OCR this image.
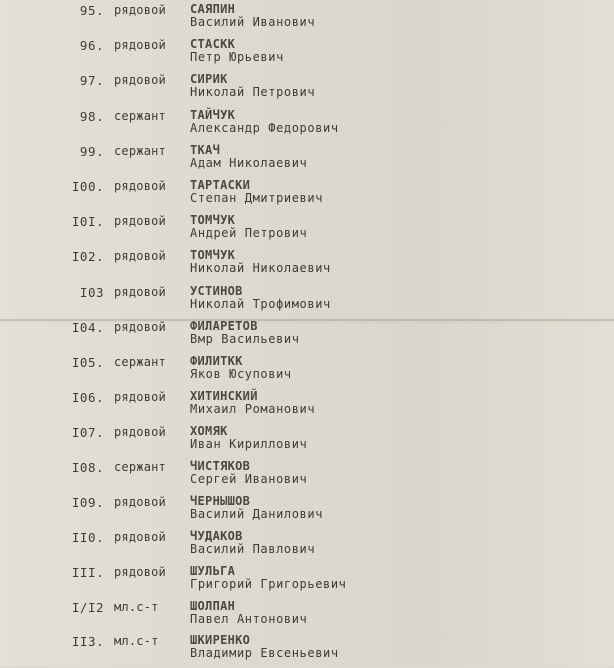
95. рядовой САЯПИН
Василий Иванович
96. рядовой СТАСКК
Петр Юрьевич
97. рядовой СИРИК
Николай Петрович
98. сержант ТАЙЧУК
Александр Федорович
99. сержант ТКАЧ
Адам Николаевич
I00. рядовой ТАРТАСКИ
Степан Дмитриевич
I0I. рядовой ТОМЧУК
Андрей Петрович
I02. рядовой ТОМЧУК
Николай Николаевич
I03 рядовой УСТИНОВ
Николай Трофимович
I04. рядовой ФИЛАРЕТОВ
Вмр Васильевич
I05. сержант ФИЛИТКК
Яков Юсупович
I06. рядовой ХИТИНСКИЙ
Михаил Романович
I07. рядовой ХОМЯК
Иван Кириллович
I08. сержант ЧИСТЯКОВ
Сергей Иванович
I09. рядовой ЧЕРНЫШОВ
Василий Данилович
II0. рядовой ЧУДАКОВ
Василий Павлович
III. рядовой ШУЛЬГА
Григорий Григорьевич
I/I2 мл.с-т	ШОЛПАН
Павел Антонович
II3. мл.с-т	ШКИРЕНКО
Владимир Евсеньевич
